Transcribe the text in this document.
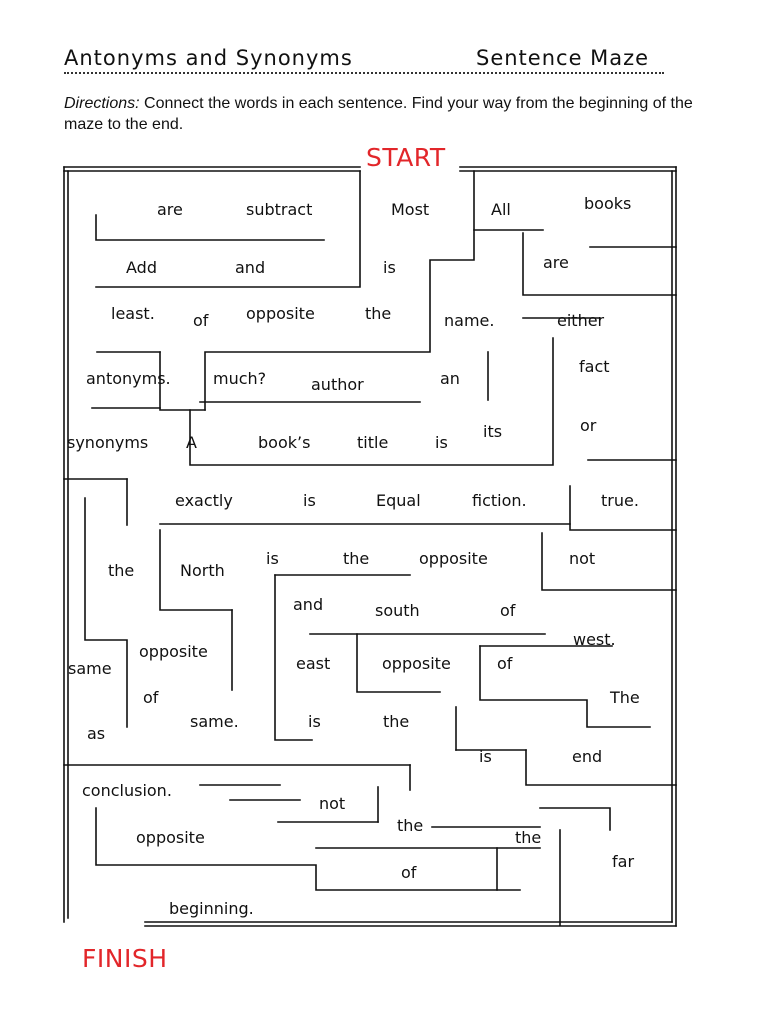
Antonyms and Synonyms	Sentence Maze
Directions: Connect the words in each sentence. Find your way from the beginning of the maze to the end.
START
FINISH
are	subtract	Most	All	books
Add	and	is	are
least. of opposite	the	name.	either
fact
antonyms.	much?	author	an
its	or
synonyms A	book’s	title	is
exactly	is	Equal	fiction.	true.
is	the	opposite	not
the	North
and	south	of
west.
opposite
same	east	opposite	of
of	The
same.	is	the
as
is	end
conclusion.
not
the
opposite	the
far
of
beginning.
